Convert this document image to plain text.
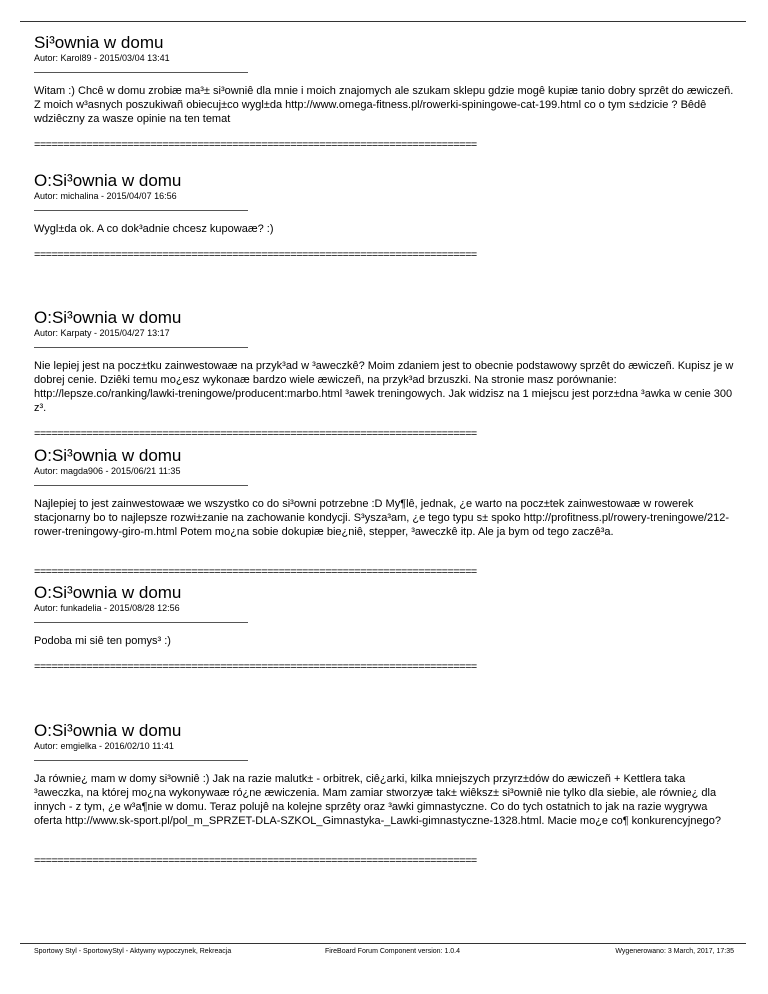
Si³ownia w domu
Autor: Karol89 - 2015/03/04 13:41
Witam :) Chcê w domu zrobiæ ma³± si³owniê dla mnie i moich znajomych ale szukam sklepu gdzie mogê kupiæ tanio dobry sprzêt do æwiczeñ. Z moich w³asnych poszukiwañ obiecuj±co wygl±da http://www.omega-fitness.pl/rowerki-spiningowe-cat-199.html co o tym s±dzicie ? Bêdê wdziêczny za wasze opinie na ten temat
============================================================================
O:Si³ownia w domu
Autor: michalina - 2015/04/07 16:56
Wygl±da ok. A co dok³adnie chcesz kupowaæ? :)
============================================================================
O:Si³ownia w domu
Autor: Karpaty - 2015/04/27 13:17
Nie lepiej jest na pocz±tku zainwestowaæ na przyk³ad w ³aweczkê? Moim zdaniem jest to obecnie podstawowy sprzêt do æwiczeñ. Kupisz je w dobrej cenie. Dziêki temu mo¿esz wykonaæ bardzo wiele æwiczeñ, na przyk³ad brzuszki. Na stronie masz porównanie: http://lepsze.co/ranking/lawki-treningowe/producent:marbo.html ³awek treningowych. Jak widzisz na 1 miejscu jest porz±dna ³awka w cenie 300 z³.
============================================================================
O:Si³ownia w domu
Autor: magda906 - 2015/06/21 11:35
Najlepiej to jest zainwestowaæ we wszystko co do si³owni potrzebne :D My¶lê, jednak, ¿e warto na pocz±tek zainwestowaæ w rowerek stacjonarny bo to najlepsze rozwi±zanie na zachowanie kondycji. S³ysza³am, ¿e tego typu s± spoko http://profitness.pl/rowery-treningowe/212-rower-treningowy-giro-m.html Potem mo¿na sobie dokupiæ bie¿niê, stepper, ³aweczkê itp. Ale ja bym od tego zaczê³a.
============================================================================
O:Si³ownia w domu
Autor: funkadelia - 2015/08/28 12:56
Podoba mi siê ten pomys³ :)
============================================================================
O:Si³ownia w domu
Autor: emgielka - 2016/02/10 11:41
Ja równie¿ mam w domy si³owniê :) Jak na razie malutk± - orbitrek, ciê¿arki, kilka mniejszych przyrz±dów do æwiczeñ + Kettlera taka ³aweczka, na której mo¿na wykonywaæ ró¿ne æwiczenia. Mam zamiar stworzyæ tak± wiêksz± si³owniê nie tylko dla siebie, ale równie¿ dla innych - z tym, ¿e w³a¶nie w domu. Teraz polujê na kolejne sprzêty oraz ³awki gimnastyczne. Co do tych ostatnich to jak na razie wygrywa oferta http://www.sk-sport.pl/pol_m_SPRZET-DLA-SZKOL_Gimnastyka-_Lawki-gimnastyczne-1328.html. Macie mo¿e co¶ konkurencyjnego?
============================================================================
Sportowy Styl - SportowyStyl - Aktywny wypoczynek, Rekreacja	FireBoard Forum Component version: 1.0.4	Wygenerowano: 3 March, 2017, 17:35
